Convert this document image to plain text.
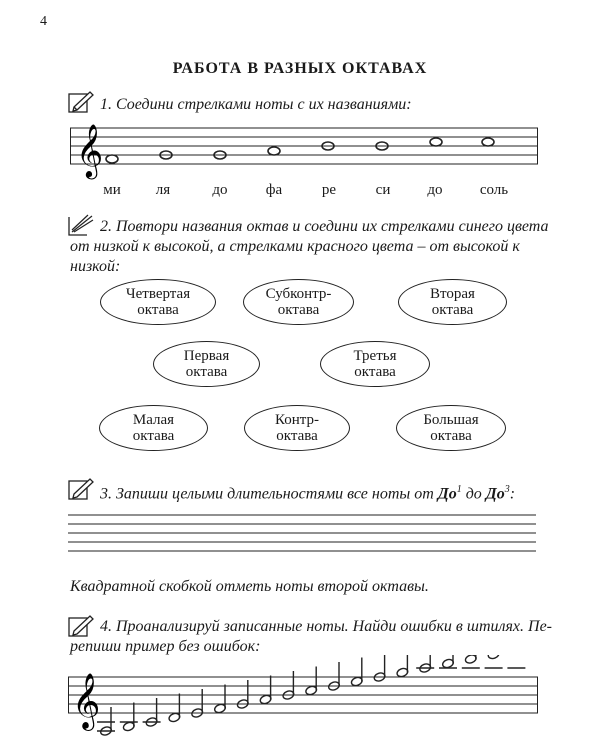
4
РАБОТА В РАЗНЫХ ОКТАВАХ
1. Соедини стрелками ноты с их названиями:
𝄞
ми	ля	до	фа	ре	си	до	соль
2. Повтори названия октав и соедини их стрелками синего цвета
от низкой к высокой, а стрелками красного цвета – от высокой к
низкой:
Четвертая
октава
Субконтр-
октава
Вторая
октава
Первая
октава
Третья
октава
Малая
октава
Контр-
октава
Большая
октава
3. Запиши целыми длительностями все ноты от $До^1$ до $До^3$:
Квадратной скобкой отметь ноты второй октавы.
4. Проанализируй записанные ноты. Найди ошибки в штилях. Пе-
репиши пример без ошибок:
𝄞
